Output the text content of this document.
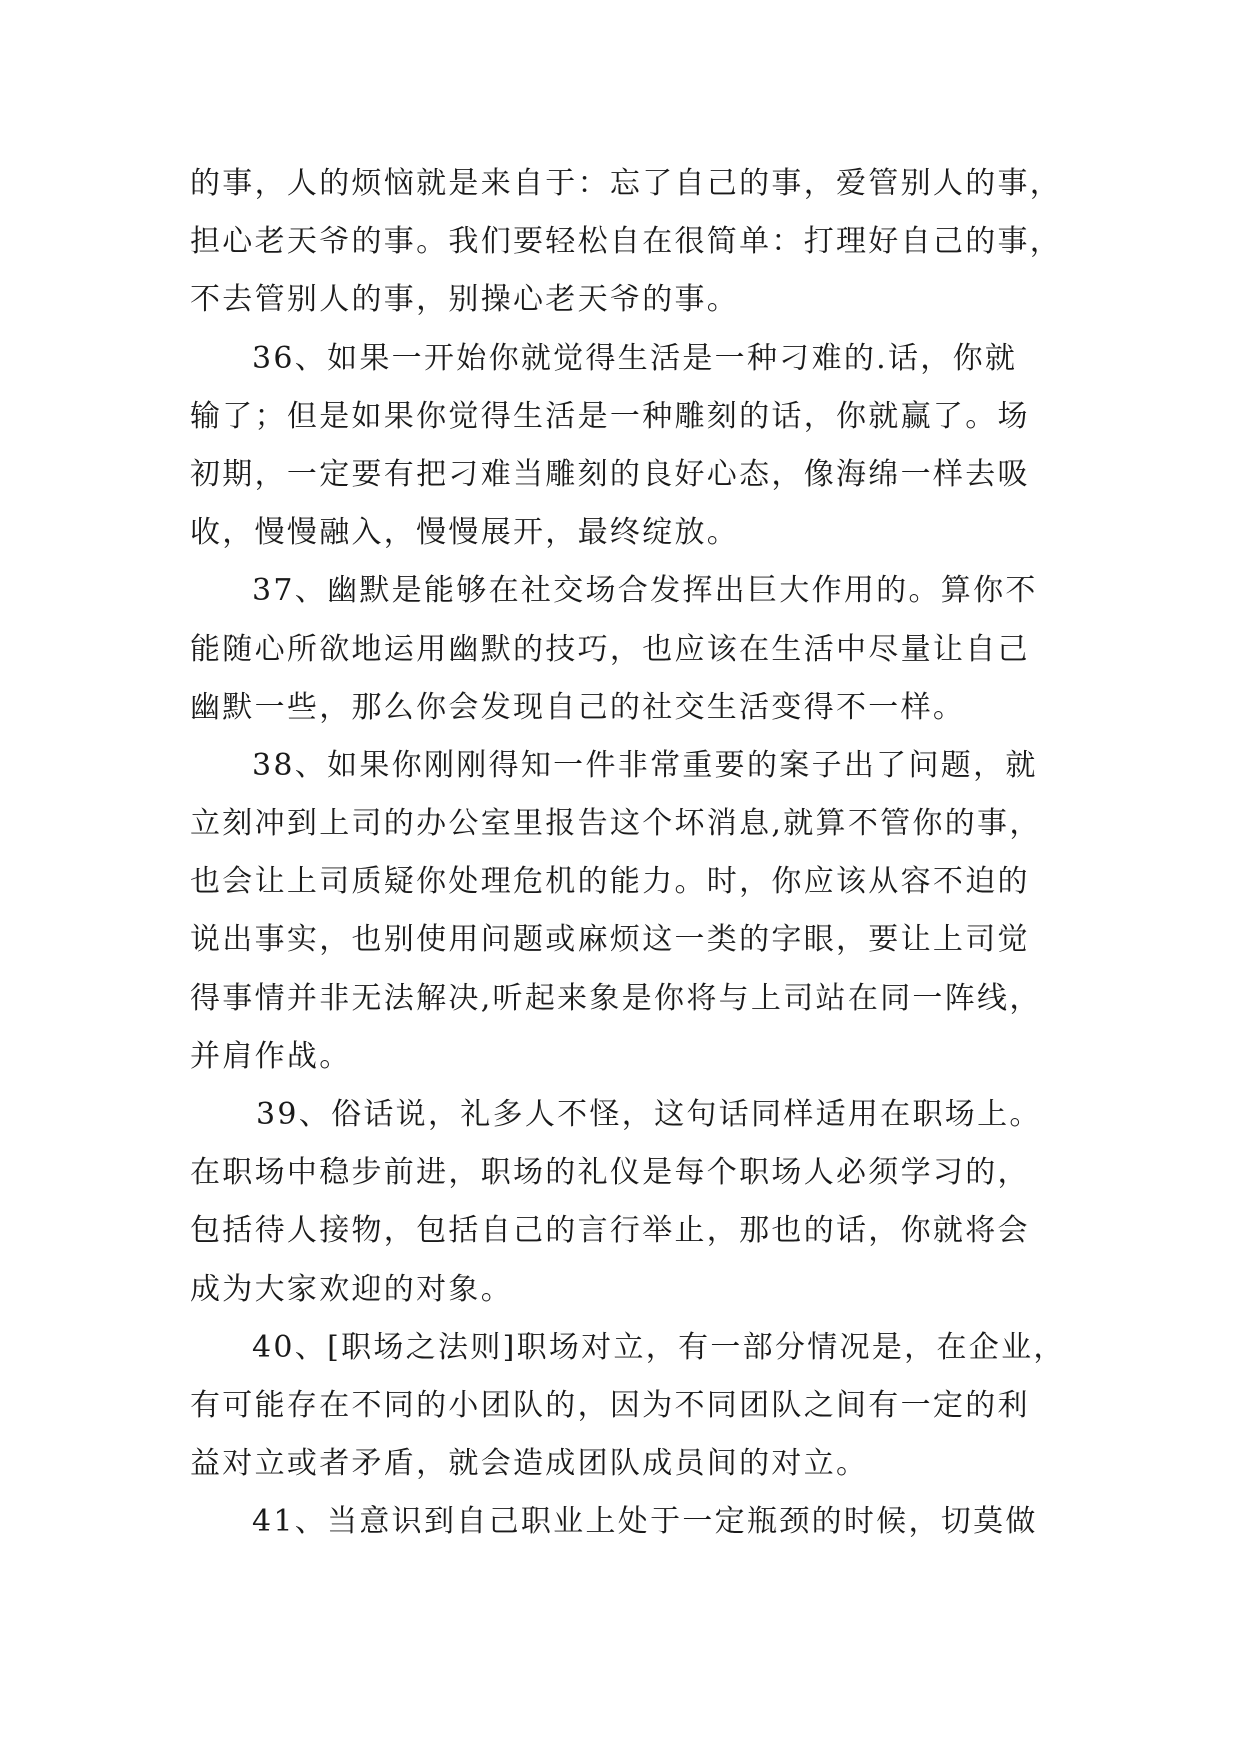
的事，人的烦恼就是来自于：忘了自己的事，爱管别人的事，
担心老天爷的事。我们要轻松自在很简单：打理好自己的事，
不去管别人的事，别操心老天爷的事。
36、如果一开始你就觉得生活是一种刁难的.话，你就
输了；但是如果你觉得生活是一种雕刻的话，你就赢了。场
初期，一定要有把刁难当雕刻的良好心态，像海绵一样去吸
收，慢慢融入，慢慢展开，最终绽放。
37、幽默是能够在社交场合发挥出巨大作用的。算你不
能随心所欲地运用幽默的技巧，也应该在生活中尽量让自己
幽默一些，那么你会发现自己的社交生活变得不一样。
38、如果你刚刚得知一件非常重要的案子出了问题，就
立刻冲到上司的办公室里报告这个坏消息,就算不管你的事，
也会让上司质疑你处理危机的能力。时，你应该从容不迫的
说出事实，也别使用问题或麻烦这一类的字眼，要让上司觉
得事情并非无法解决,听起来象是你将与上司站在同一阵线，
并肩作战。
39、俗话说，礼多人不怪，这句话同样适用在职场上。
在职场中稳步前进，职场的礼仪是每个职场人必须学习的，
包括待人接物，包括自己的言行举止，那也的话，你就将会
成为大家欢迎的对象。
40、[职场之法则]职场对立，有一部分情况是，在企业，
有可能存在不同的小团队的，因为不同团队之间有一定的利
益对立或者矛盾，就会造成团队成员间的对立。
41、当意识到自己职业上处于一定瓶颈的时候，切莫做
